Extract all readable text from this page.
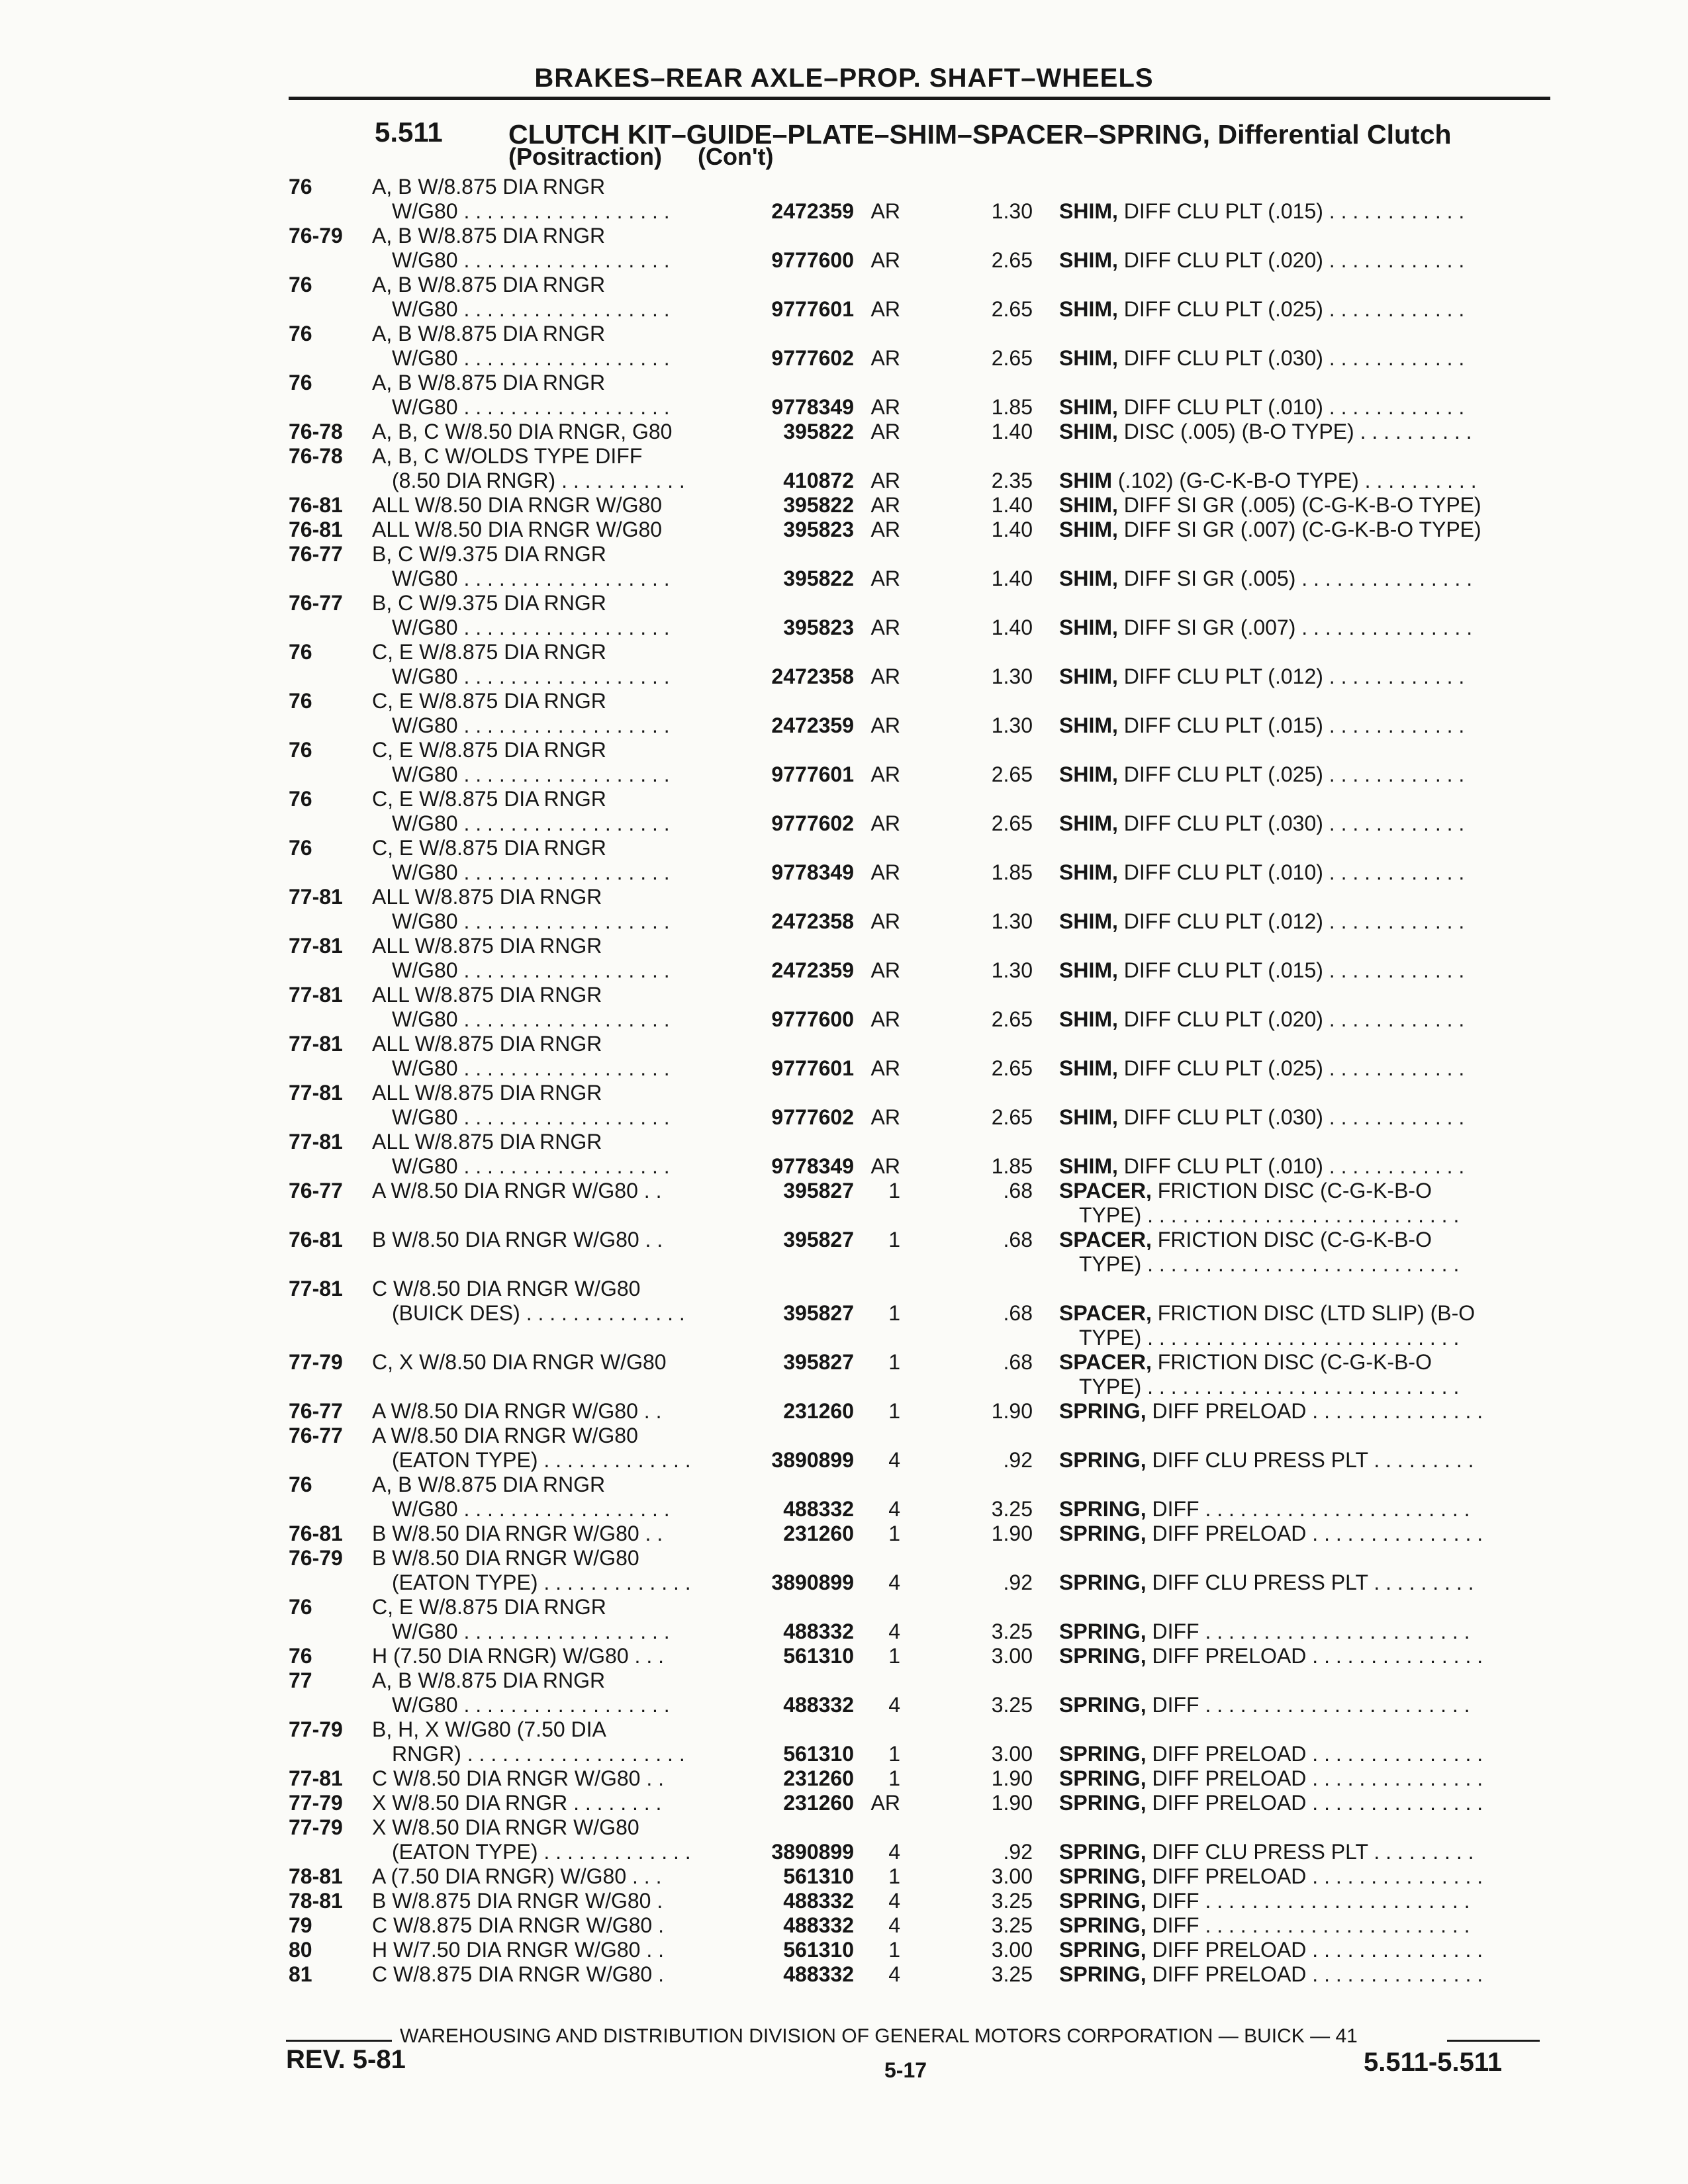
BRAKES–REAR AXLE–PROP. SHAFT–WHEELS
5.511 CLUTCH KIT–GUIDE–PLATE–SHIM–SPACER–SPRING, Differential Clutch
(Positraction) (Con't)
76	A, B W/8.875 DIA RNGR
W/G80 . . . . . . . . . . . . . . . . . .	2472359 AR	1.30 SHIM, DIFF CLU PLT (.015) . . . . . . . . . . . .
76-79 A, B W/8.875 DIA RNGR
W/G80 . . . . . . . . . . . . . . . . . .	9777600 AR	2.65 SHIM, DIFF CLU PLT (.020) . . . . . . . . . . . .
76	A, B W/8.875 DIA RNGR
W/G80 . . . . . . . . . . . . . . . . . .	9777601 AR	2.65 SHIM, DIFF CLU PLT (.025) . . . . . . . . . . . .
76	A, B W/8.875 DIA RNGR
W/G80 . . . . . . . . . . . . . . . . . .	9777602 AR	2.65 SHIM, DIFF CLU PLT (.030) . . . . . . . . . . . .
76	A, B W/8.875 DIA RNGR
W/G80 . . . . . . . . . . . . . . . . . .	9778349 AR	1.85 SHIM, DIFF CLU PLT (.010) . . . . . . . . . . . .
76-78 A, B, C W/8.50 DIA RNGR, G80	395822 AR	1.40 SHIM, DISC (.005) (B-O TYPE) . . . . . . . . . .
76-78 A, B, C W/OLDS TYPE DIFF
(8.50 DIA RNGR) . . . . . . . . . . .	410872 AR	2.35 SHIM (.102) (G-C-K-B-O TYPE) . . . . . . . . . .
76-81 ALL W/8.50 DIA RNGR W/G80	395822 AR	1.40 SHIM, DIFF SI GR (.005) (C-G-K-B-O TYPE)
76-81 ALL W/8.50 DIA RNGR W/G80	395823 AR	1.40 SHIM, DIFF SI GR (.007) (C-G-K-B-O TYPE)
76-77 B, C W/9.375 DIA RNGR
W/G80 . . . . . . . . . . . . . . . . . .	395822 AR	1.40 SHIM, DIFF SI GR (.005) . . . . . . . . . . . . . . .
76-77 B, C W/9.375 DIA RNGR
W/G80 . . . . . . . . . . . . . . . . . .	395823 AR	1.40 SHIM, DIFF SI GR (.007) . . . . . . . . . . . . . . .
76	C, E W/8.875 DIA RNGR
W/G80 . . . . . . . . . . . . . . . . . .	2472358 AR	1.30 SHIM, DIFF CLU PLT (.012) . . . . . . . . . . . .
76	C, E W/8.875 DIA RNGR
W/G80 . . . . . . . . . . . . . . . . . .	2472359 AR	1.30 SHIM, DIFF CLU PLT (.015) . . . . . . . . . . . .
76	C, E W/8.875 DIA RNGR
W/G80 . . . . . . . . . . . . . . . . . .	9777601 AR	2.65 SHIM, DIFF CLU PLT (.025) . . . . . . . . . . . .
76	C, E W/8.875 DIA RNGR
W/G80 . . . . . . . . . . . . . . . . . .	9777602 AR	2.65 SHIM, DIFF CLU PLT (.030) . . . . . . . . . . . .
76	C, E W/8.875 DIA RNGR
W/G80 . . . . . . . . . . . . . . . . . .	9778349 AR	1.85 SHIM, DIFF CLU PLT (.010) . . . . . . . . . . . .
77-81 ALL W/8.875 DIA RNGR
W/G80 . . . . . . . . . . . . . . . . . .	2472358 AR	1.30 SHIM, DIFF CLU PLT (.012) . . . . . . . . . . . .
77-81 ALL W/8.875 DIA RNGR
W/G80 . . . . . . . . . . . . . . . . . .	2472359 AR	1.30 SHIM, DIFF CLU PLT (.015) . . . . . . . . . . . .
77-81 ALL W/8.875 DIA RNGR
W/G80 . . . . . . . . . . . . . . . . . .	9777600 AR	2.65 SHIM, DIFF CLU PLT (.020) . . . . . . . . . . . .
77-81 ALL W/8.875 DIA RNGR
W/G80 . . . . . . . . . . . . . . . . . .	9777601 AR	2.65 SHIM, DIFF CLU PLT (.025) . . . . . . . . . . . .
77-81 ALL W/8.875 DIA RNGR
W/G80 . . . . . . . . . . . . . . . . . .	9777602 AR	2.65 SHIM, DIFF CLU PLT (.030) . . . . . . . . . . . .
77-81 ALL W/8.875 DIA RNGR
W/G80 . . . . . . . . . . . . . . . . . .	9778349 AR	1.85 SHIM, DIFF CLU PLT (.010) . . . . . . . . . . . .
76-77 A W/8.50 DIA RNGR W/G80 . .	395827	1	.68 SPACER, FRICTION DISC (C-G-K-B-O
TYPE) . . . . . . . . . . . . . . . . . . . . . . . . . . .
76-81 B W/8.50 DIA RNGR W/G80 . .	395827	1	.68 SPACER, FRICTION DISC (C-G-K-B-O
TYPE) . . . . . . . . . . . . . . . . . . . . . . . . . . .
77-81 C W/8.50 DIA RNGR W/G80
(BUICK DES) . . . . . . . . . . . . . .	395827	1	.68 SPACER, FRICTION DISC (LTD SLIP) (B-O
TYPE) . . . . . . . . . . . . . . . . . . . . . . . . . . .
77-79 C, X W/8.50 DIA RNGR W/G80	395827	1	.68 SPACER, FRICTION DISC (C-G-K-B-O
TYPE) . . . . . . . . . . . . . . . . . . . . . . . . . . .
76-77 A W/8.50 DIA RNGR W/G80 . .	231260	1	1.90 SPRING, DIFF PRELOAD . . . . . . . . . . . . . . .
76-77 A W/8.50 DIA RNGR W/G80
(EATON TYPE) . . . . . . . . . . . . .	3890899	4	.92 SPRING, DIFF CLU PRESS PLT . . . . . . . . .
76	A, B W/8.875 DIA RNGR
W/G80 . . . . . . . . . . . . . . . . . .	488332	4	3.25 SPRING, DIFF . . . . . . . . . . . . . . . . . . . . . . .
76-81 B W/8.50 DIA RNGR W/G80 . .	231260	1	1.90 SPRING, DIFF PRELOAD . . . . . . . . . . . . . . .
76-79 B W/8.50 DIA RNGR W/G80
(EATON TYPE) . . . . . . . . . . . . .	3890899	4	.92 SPRING, DIFF CLU PRESS PLT . . . . . . . . .
76	C, E W/8.875 DIA RNGR
W/G80 . . . . . . . . . . . . . . . . . .	488332	4	3.25 SPRING, DIFF . . . . . . . . . . . . . . . . . . . . . . .
76	H (7.50 DIA RNGR) W/G80 . . .	561310	1	3.00 SPRING, DIFF PRELOAD . . . . . . . . . . . . . . .
77	A, B W/8.875 DIA RNGR
W/G80 . . . . . . . . . . . . . . . . . .	488332	4	3.25 SPRING, DIFF . . . . . . . . . . . . . . . . . . . . . . .
77-79 B, H, X W/G80 (7.50 DIA
RNGR) . . . . . . . . . . . . . . . . . . .	561310	1	3.00 SPRING, DIFF PRELOAD . . . . . . . . . . . . . . .
77-81 C W/8.50 DIA RNGR W/G80 . .	231260	1	1.90 SPRING, DIFF PRELOAD . . . . . . . . . . . . . . .
77-79 X W/8.50 DIA RNGR . . . . . . . .	231260 AR	1.90 SPRING, DIFF PRELOAD . . . . . . . . . . . . . . .
77-79 X W/8.50 DIA RNGR W/G80
(EATON TYPE) . . . . . . . . . . . . .	3890899	4	.92 SPRING, DIFF CLU PRESS PLT . . . . . . . . .
78-81 A (7.50 DIA RNGR) W/G80 . . .	561310	1	3.00 SPRING, DIFF PRELOAD . . . . . . . . . . . . . . .
78-81 B W/8.875 DIA RNGR W/G80 .	488332	4	3.25 SPRING, DIFF . . . . . . . . . . . . . . . . . . . . . . .
79	C W/8.875 DIA RNGR W/G80 .	488332	4	3.25 SPRING, DIFF . . . . . . . . . . . . . . . . . . . . . . .
80	H W/7.50 DIA RNGR W/G80 . .	561310	1	3.00 SPRING, DIFF PRELOAD . . . . . . . . . . . . . . .
81	C W/8.875 DIA RNGR W/G80 .	488332	4	3.25 SPRING, DIFF PRELOAD . . . . . . . . . . . . . . .
WAREHOUSING AND DISTRIBUTION DIVISION OF GENERAL MOTORS CORPORATION — BUICK — 41
REV. 5-81	5-17	5.511-5.511
